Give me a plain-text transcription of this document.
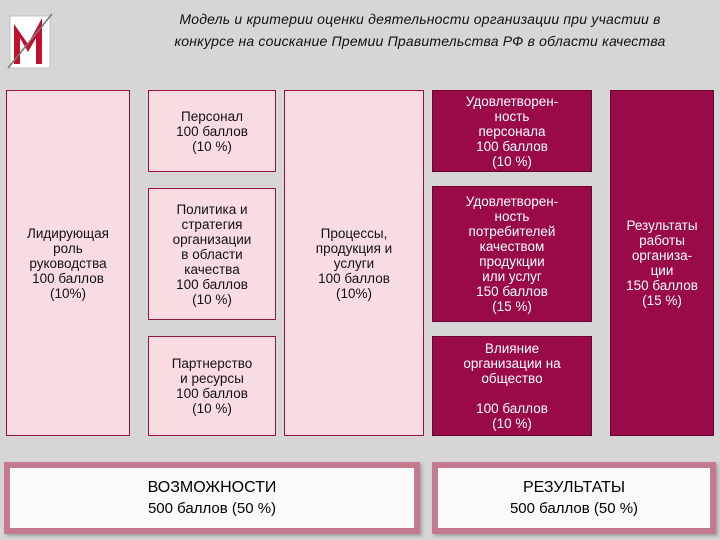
Модель и критерии оценки деятельности организации при участии в
конкурсе на соискание Премии Правительства РФ в области качества
Лидирующая
роль
руководства
100 баллов
(10%)
Персонал
100 баллов
(10 %)
Политика и
стратегия
организации
в области
качества
100 баллов
(10 %)
Партнерство
и ресурсы
100 баллов
(10 %)
Процессы,
продукция и
услуги
100 баллов
(10%)
Удовлетворен-
ность
персонала
100 баллов
(10 %)
Удовлетворен-
ность
потребителей
качеством
продукции
или услуг
150 баллов
(15 %)
Влияние
организации на
общество

100 баллов
(10 %)
Результаты
работы
организа-
ции
150 баллов
(15 %)
ВОЗМОЖНОСТИ
500 баллов (50 %)
РЕЗУЛЬТАТЫ
500 баллов (50 %)
